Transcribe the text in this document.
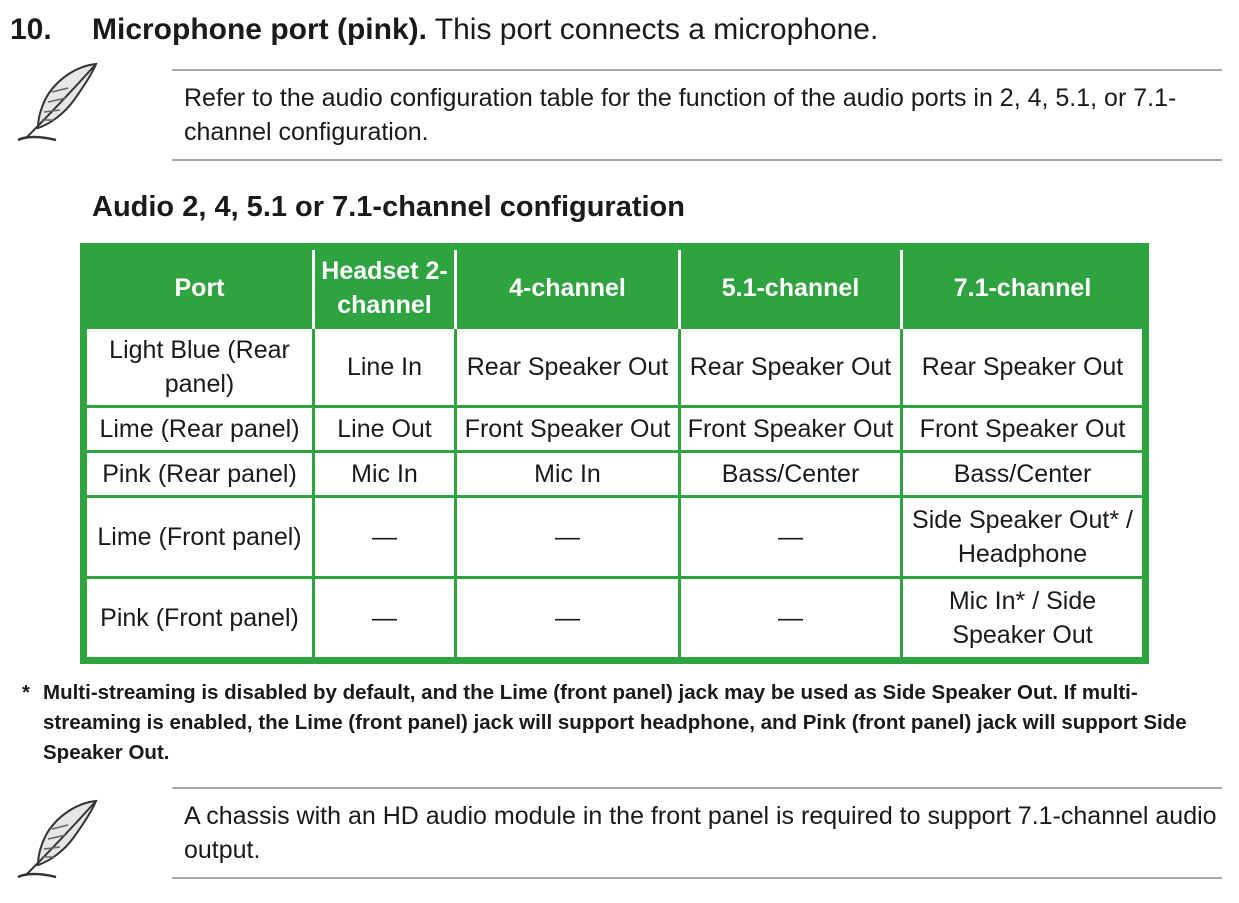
10. Microphone port (pink). This port connects a microphone.
Refer to the audio configuration table for the function of the audio ports in 2, 4, 5.1, or 7.1-channel configuration.
Audio 2, 4, 5.1 or 7.1-channel configuration
Port	Headset 2-channel	4-channel	5.1-channel	7.1-channel
Light Blue (Rear panel)	Line In	Rear Speaker Out	Rear Speaker Out	Rear Speaker Out
Lime (Rear panel)	Line Out	Front Speaker Out	Front Speaker Out	Front Speaker Out
Pink (Rear panel)	Mic In	Mic In	Bass/Center	Bass/Center
Lime (Front panel)	—	—	—	Side Speaker Out* / Headphone
Pink (Front panel)	—	—	—	Mic In* / Side Speaker Out
* Multi-streaming is disabled by default, and the Lime (front panel) jack may be used as Side Speaker Out. If multi-streaming is enabled, the Lime (front panel) jack will support headphone, and Pink (front panel) jack will support Side Speaker Out.
A chassis with an HD audio module in the front panel is required to support 7.1-channel audio output.
